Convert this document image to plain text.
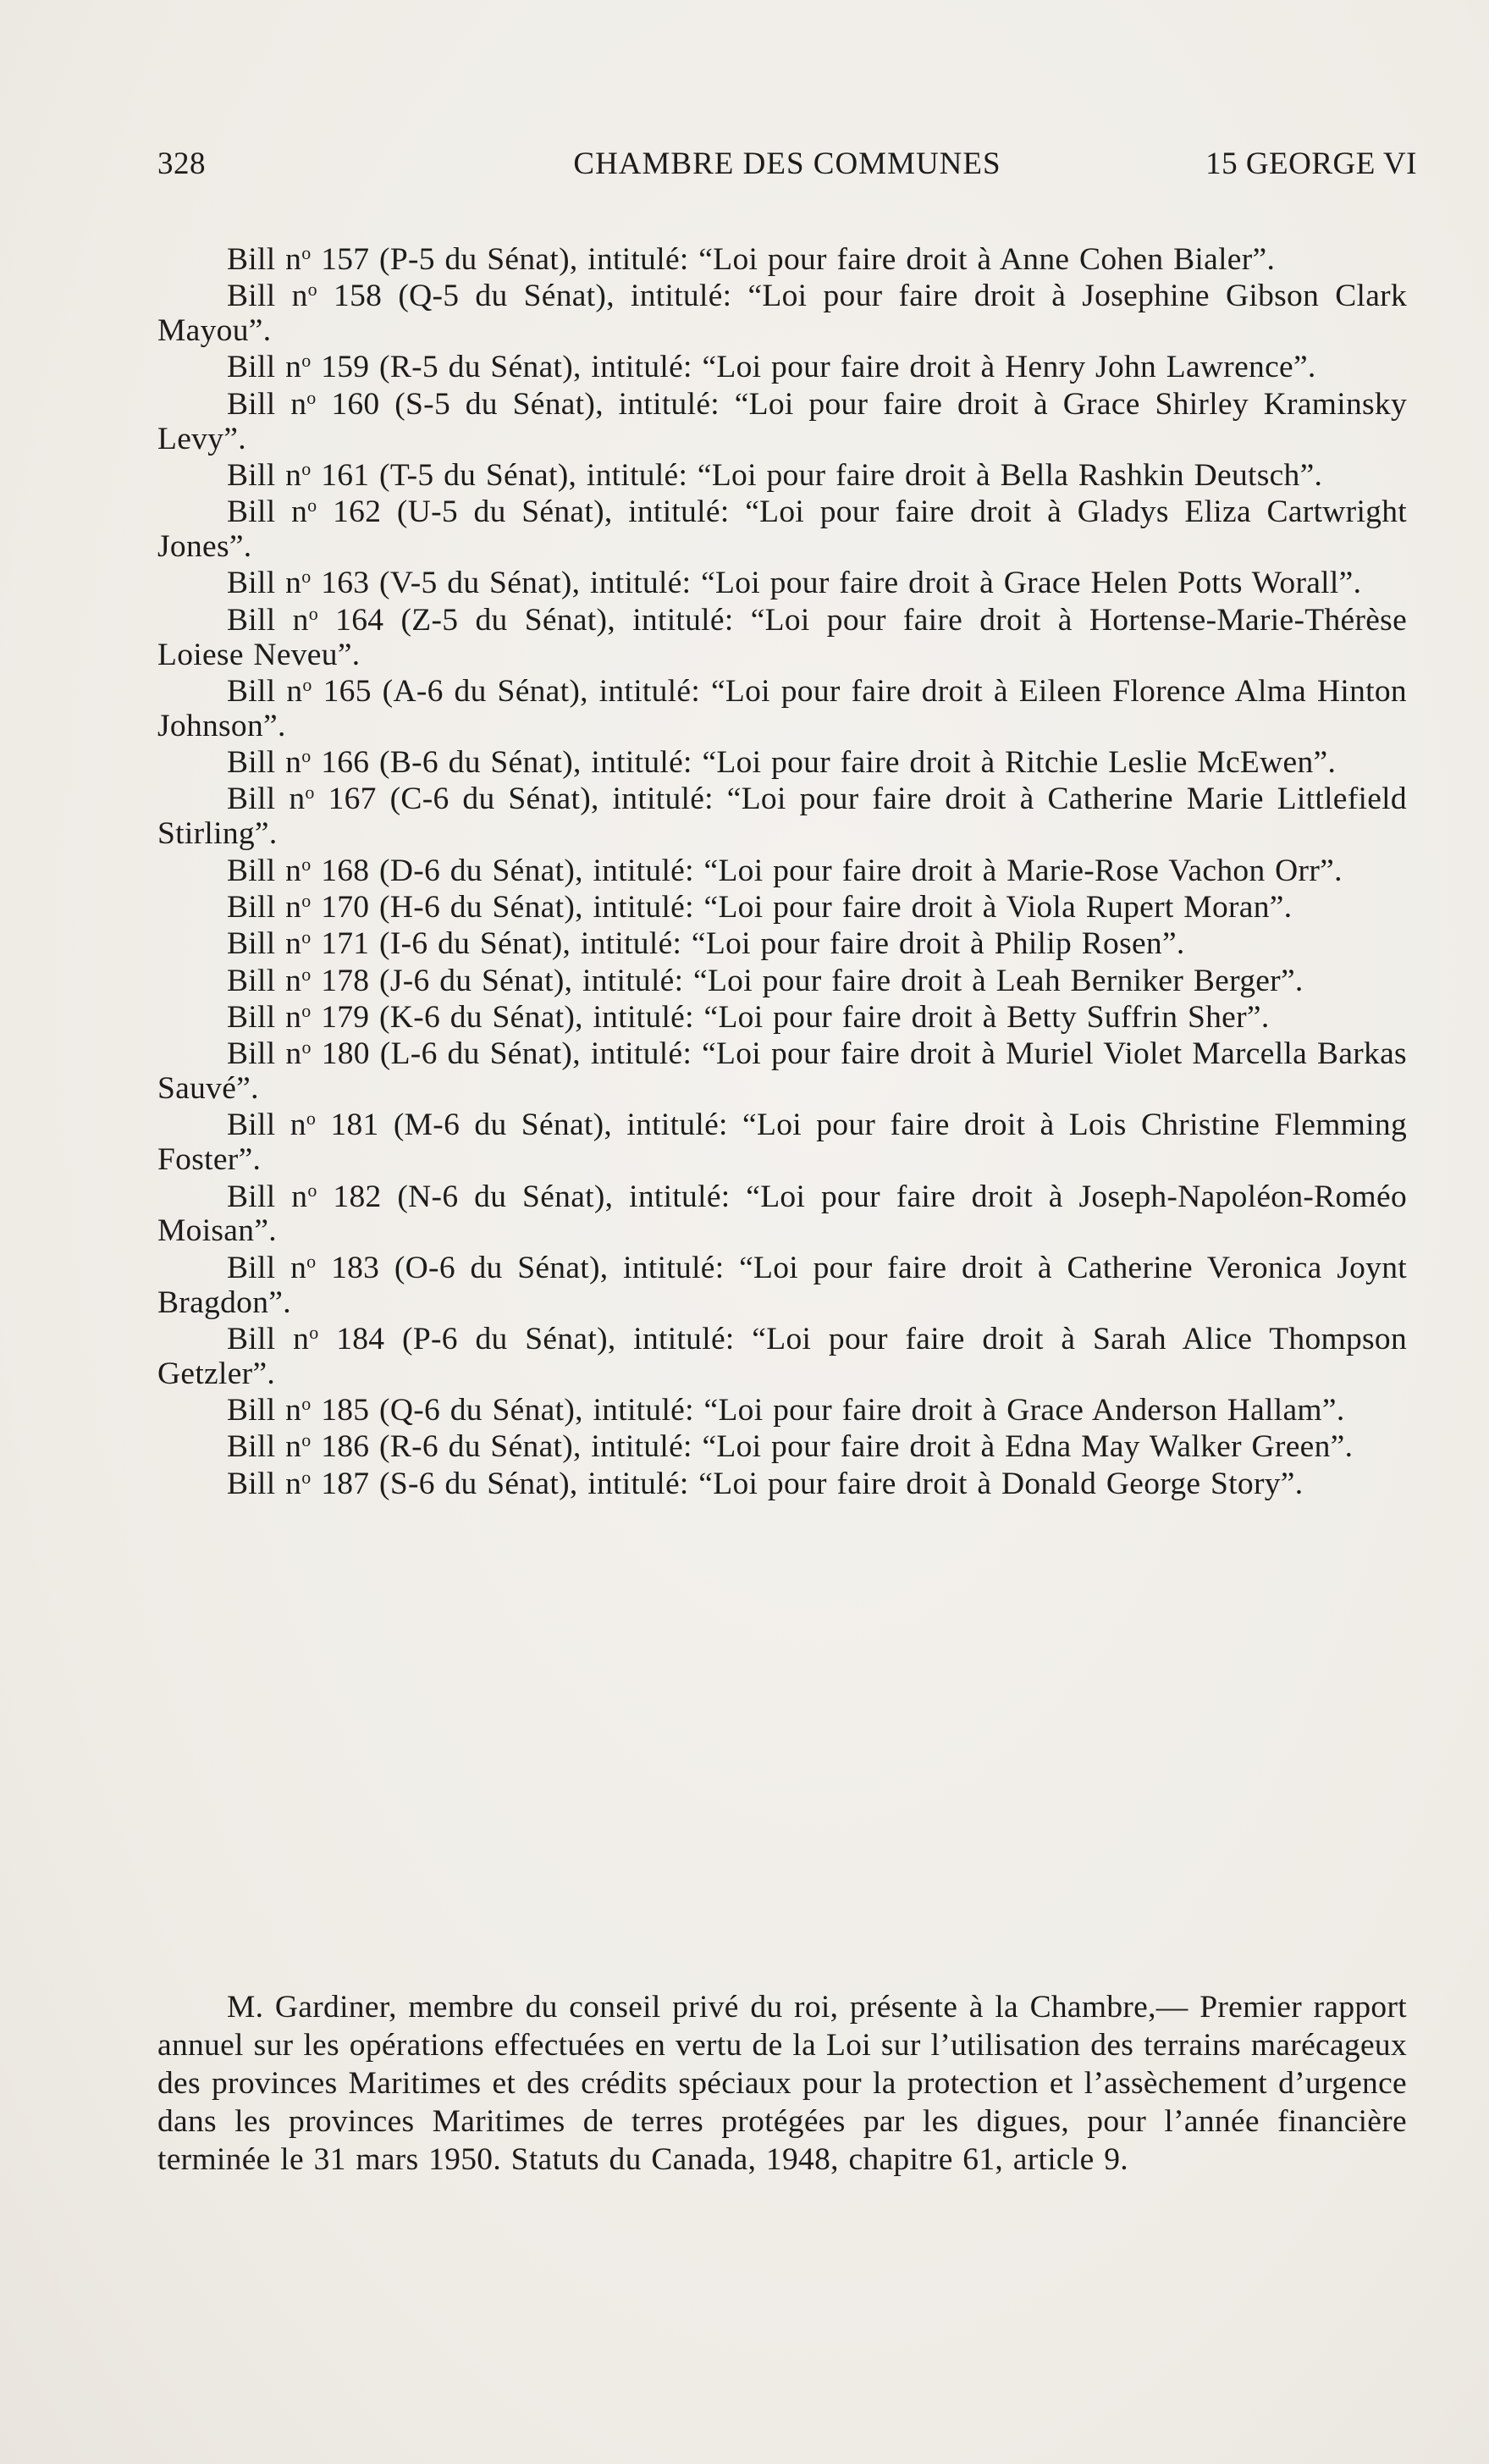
328	CHAMBRE DES COMMUNES	15 GEORGE VI
Bill $n^o$ 157 (P-5 du Sénat), intitulé: “Loi pour faire droit à Anne Cohen Bialer”.
Bill $n^o$ 158 (Q-5 du Sénat), intitulé: “Loi pour faire droit à Josephine Gibson Clark Mayou”.
Bill $n^o$ 159 (R-5 du Sénat), intitulé: “Loi pour faire droit à Henry John Lawrence”.
Bill $n^o$ 160 (S-5 du Sénat), intitulé: “Loi pour faire droit à Grace Shirley Kraminsky Levy”.
Bill $n^o$ 161 (T-5 du Sénat), intitulé: “Loi pour faire droit à Bella Rashkin Deutsch”.
Bill $n^o$ 162 (U-5 du Sénat), intitulé: “Loi pour faire droit à Gladys Eliza Cartwright Jones”.
Bill $n^o$ 163 (V-5 du Sénat), intitulé: “Loi pour faire droit à Grace Helen Potts Worall”.
Bill $n^o$ 164 (Z-5 du Sénat), intitulé: “Loi pour faire droit à Hortense-Marie-Thérèse Loiese Neveu”.
Bill $n^o$ 165 (A-6 du Sénat), intitulé: “Loi pour faire droit à Eileen Florence Alma Hinton Johnson”.
Bill $n^o$ 166 (B-6 du Sénat), intitulé: “Loi pour faire droit à Ritchie Leslie McEwen”.
Bill $n^o$ 167 (C-6 du Sénat), intitulé: “Loi pour faire droit à Catherine Marie Littlefield Stirling”.
Bill $n^o$ 168 (D-6 du Sénat), intitulé: “Loi pour faire droit à Marie-Rose Vachon Orr”.
Bill $n^o$ 170 (H-6 du Sénat), intitulé: “Loi pour faire droit à Viola Rupert Moran”.
Bill $n^o$ 171 (I-6 du Sénat), intitulé: “Loi pour faire droit à Philip Rosen”.
Bill $n^o$ 178 (J-6 du Sénat), intitulé: “Loi pour faire droit à Leah Berniker Berger”.
Bill $n^o$ 179 (K-6 du Sénat), intitulé: “Loi pour faire droit à Betty Suffrin Sher”.
Bill $n^o$ 180 (L-6 du Sénat), intitulé: “Loi pour faire droit à Muriel Violet Marcella Barkas Sauvé”.
Bill $n^o$ 181 (M-6 du Sénat), intitulé: “Loi pour faire droit à Lois Christine Flemming Foster”.
Bill $n^o$ 182 (N-6 du Sénat), intitulé: “Loi pour faire droit à Joseph-Napoléon-Roméo Moisan”.
Bill $n^o$ 183 (O-6 du Sénat), intitulé: “Loi pour faire droit à Catherine Veronica Joynt Bragdon”.
Bill $n^o$ 184 (P-6 du Sénat), intitulé: “Loi pour faire droit à Sarah Alice Thompson Getzler”.
Bill $n^o$ 185 (Q-6 du Sénat), intitulé: “Loi pour faire droit à Grace Anderson Hallam”.
Bill $n^o$ 186 (R-6 du Sénat), intitulé: “Loi pour faire droit à Edna May Walker Green”.
Bill $n^o$ 187 (S-6 du Sénat), intitulé: “Loi pour faire droit à Donald George Story”.

M. Gardiner, membre du conseil privé du roi, présente à la Chambre,— Premier rapport annuel sur les opérations effectuées en vertu de la Loi sur l’utilisation des terrains marécageux des provinces Maritimes et des crédits spéciaux pour la protection et l’assèchement d’urgence dans les provinces Maritimes de terres protégées par les digues, pour l’année financière terminée le 31 mars 1950. Statuts du Canada, 1948, chapitre 61, article 9.
